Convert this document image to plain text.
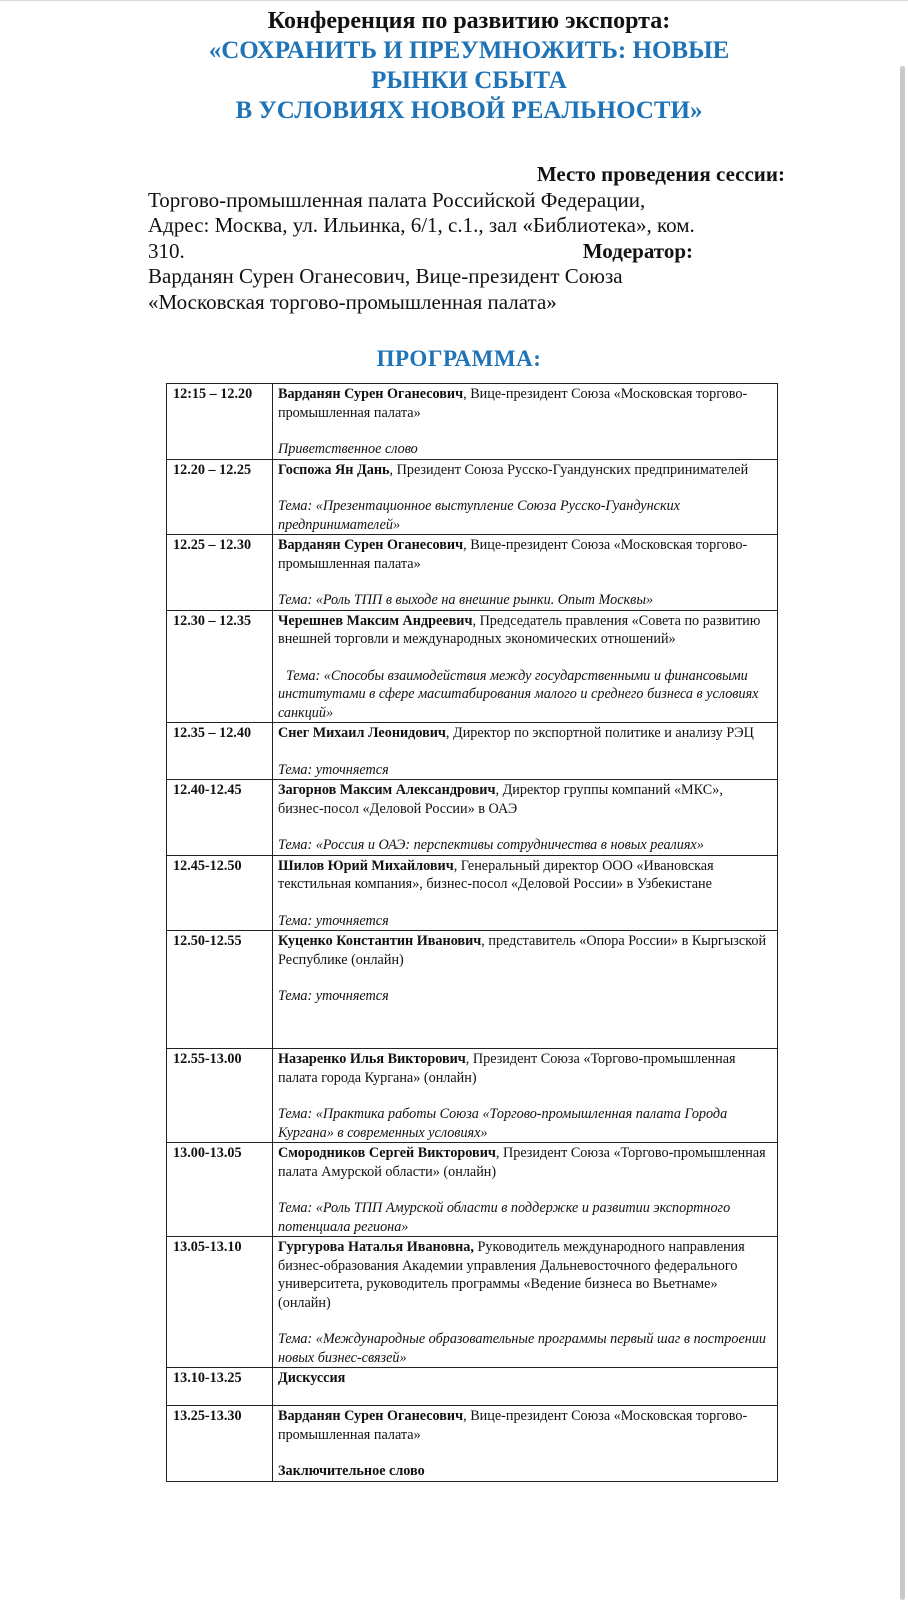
Конференция по развитию экспорта:
«СОХРАНИТЬ И ПРЕУМНОЖИТЬ: НОВЫЕ
РЫНКИ СБЫТА
В УСЛОВИЯХ НОВОЙ РЕАЛЬНОСТИ»
Место проведения сессии:
Торгово-промышленная палата Российской Федерации,
Адрес: Москва, ул. Ильинка, 6/1, с.1., зал «Библиотека», ком.
310.	Модератор:
Варданян Сурен Оганесович, Вице-президент Союза
«Московская торгово-промышленная палата»
ПРОГРАММА:
12:15 – 12.20	Варданян Сурен Оганесович, Вице-президент Союза «Московская торгово-промышленная палата»
Приветственное слово

12.20 – 12.25	Госпожа Ян Дань, Президент Союза Русско-Гуандунских предпринимателей
Тема: «Презентационное выступление Союза Русско-Гуандунских предпринимателей»

12.25 – 12.30	Варданян Сурен Оганесович, Вице-президент Союза «Московская торгово-промышленная палата»
Тема: «Роль ТПП в выходе на внешние рынки. Опыт Москвы»

12.30 – 12.35	Черешнев Максим Андреевич, Председатель правления «Совета по развитию внешней торговли и международных экономических отношений»
Тема: «Способы взаимодействия между государственными и финансовыми институтами в сфере масштабирования малого и среднего бизнеса в условиях санкций»

12.35 – 12.40	Снег Михаил Леонидович, Директор по экспортной политике и анализу РЭЦ
Тема: уточняется

12.40-12.45	Загорнов Максим Александрович, Директор группы компаний «МКС», бизнес-посол «Деловой России» в ОАЭ
Тема: «Россия и ОАЭ: перспективы сотрудничества в новых реалиях»

12.45-12.50	Шилов Юрий Михайлович, Генеральный директор ООО «Ивановская текстильная компания», бизнес-посол «Деловой России» в Узбекистане
Тема: уточняется

12.50-12.55	Куценко Константин Иванович, представитель «Опора России» в Кыргызской Республике (онлайн)
Тема: уточняется

12.55-13.00	Назаренко Илья Викторович, Президент Союза «Торгово-промышленная палата города Кургана» (онлайн)
Тема: «Практика работы Союза «Торгово-промышленная палата Города Кургана» в современных условиях»

13.00-13.05	Смородников Сергей Викторович, Президент Союза «Торгово-промышленная палата Амурской области» (онлайн)
Тема: «Роль ТПП Амурской области в поддержке и развитии экспортного потенциала региона»

13.05-13.10	Гургурова Наталья Ивановна, Руководитель международного направления бизнес-образования Академии управления Дальневосточного федерального университета, руководитель программы «Ведение бизнеса во Вьетнаме» (онлайн)
Тема: «Международные образовательные программы первый шаг в построении новых бизнес-связей»

13.10-13.25	Дискуссия

13.25-13.30	Варданян Сурен Оганесович, Вице-президент Союза «Московская торгово-промышленная палата»
Заключительное слово
